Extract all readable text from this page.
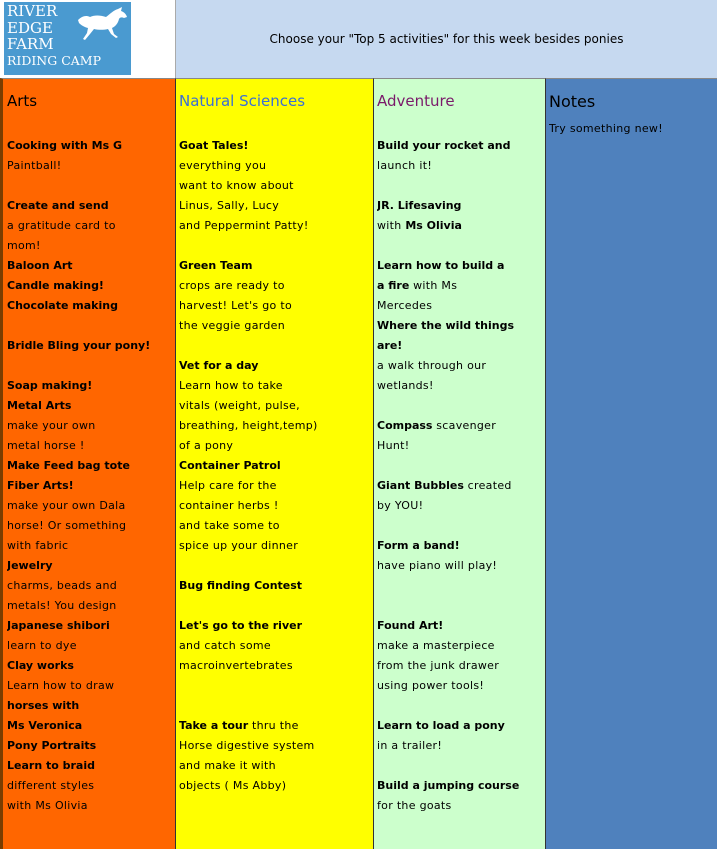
RIVER
EDGE
FARM
RIDING CAMP
Choose your "Top 5 activities" for this week besides ponies
Arts
Cooking with Ms G
Paintball!

Create and send
a gratitude card to
mom!
Baloon Art
Candle making!
Chocolate making

Bridle Bling your pony!

Soap making!
Metal Arts
make your own
metal horse !
Make Feed bag tote
Fiber Arts!
make your own Dala
horse! Or something
with fabric
Jewelry
charms, beads and
metals! You design
Japanese shibori
learn to dye
Clay works
Learn how to draw
horses with
Ms Veronica
Pony Portraits
Learn to braid
different styles
with Ms Olivia
Natural Sciences
Goat Tales!
everything you
want to know about
Linus, Sally, Lucy
and Peppermint Patty!

Green Team
crops are ready to
harvest! Let's go to
the veggie garden

Vet for a day
Learn how to take
vitals (weight, pulse,
breathing, height,temp)
of a pony
Container Patrol
Help care for the
container herbs !
and take some to
spice up your dinner

Bug finding Contest

Let's go to the river
and catch some
macroinvertebrates

Take a tour thru the
Horse digestive system
and make it with
objects ( Ms Abby)
Adventure
Build your rocket and
launch it!

JR. Lifesaving
with Ms Olivia

Learn how to build a
a fire with Ms
Mercedes
Where the wild things
are!
a walk through our
wetlands!

Compass scavenger
Hunt!

Giant Bubbles created
by YOU!

Form a band!
have piano will play!

Found Art!
make a masterpiece
from the junk drawer
using power tools!

Learn to load a pony
in a trailer!

Build a jumping course
for the goats
Notes
Try something new!
